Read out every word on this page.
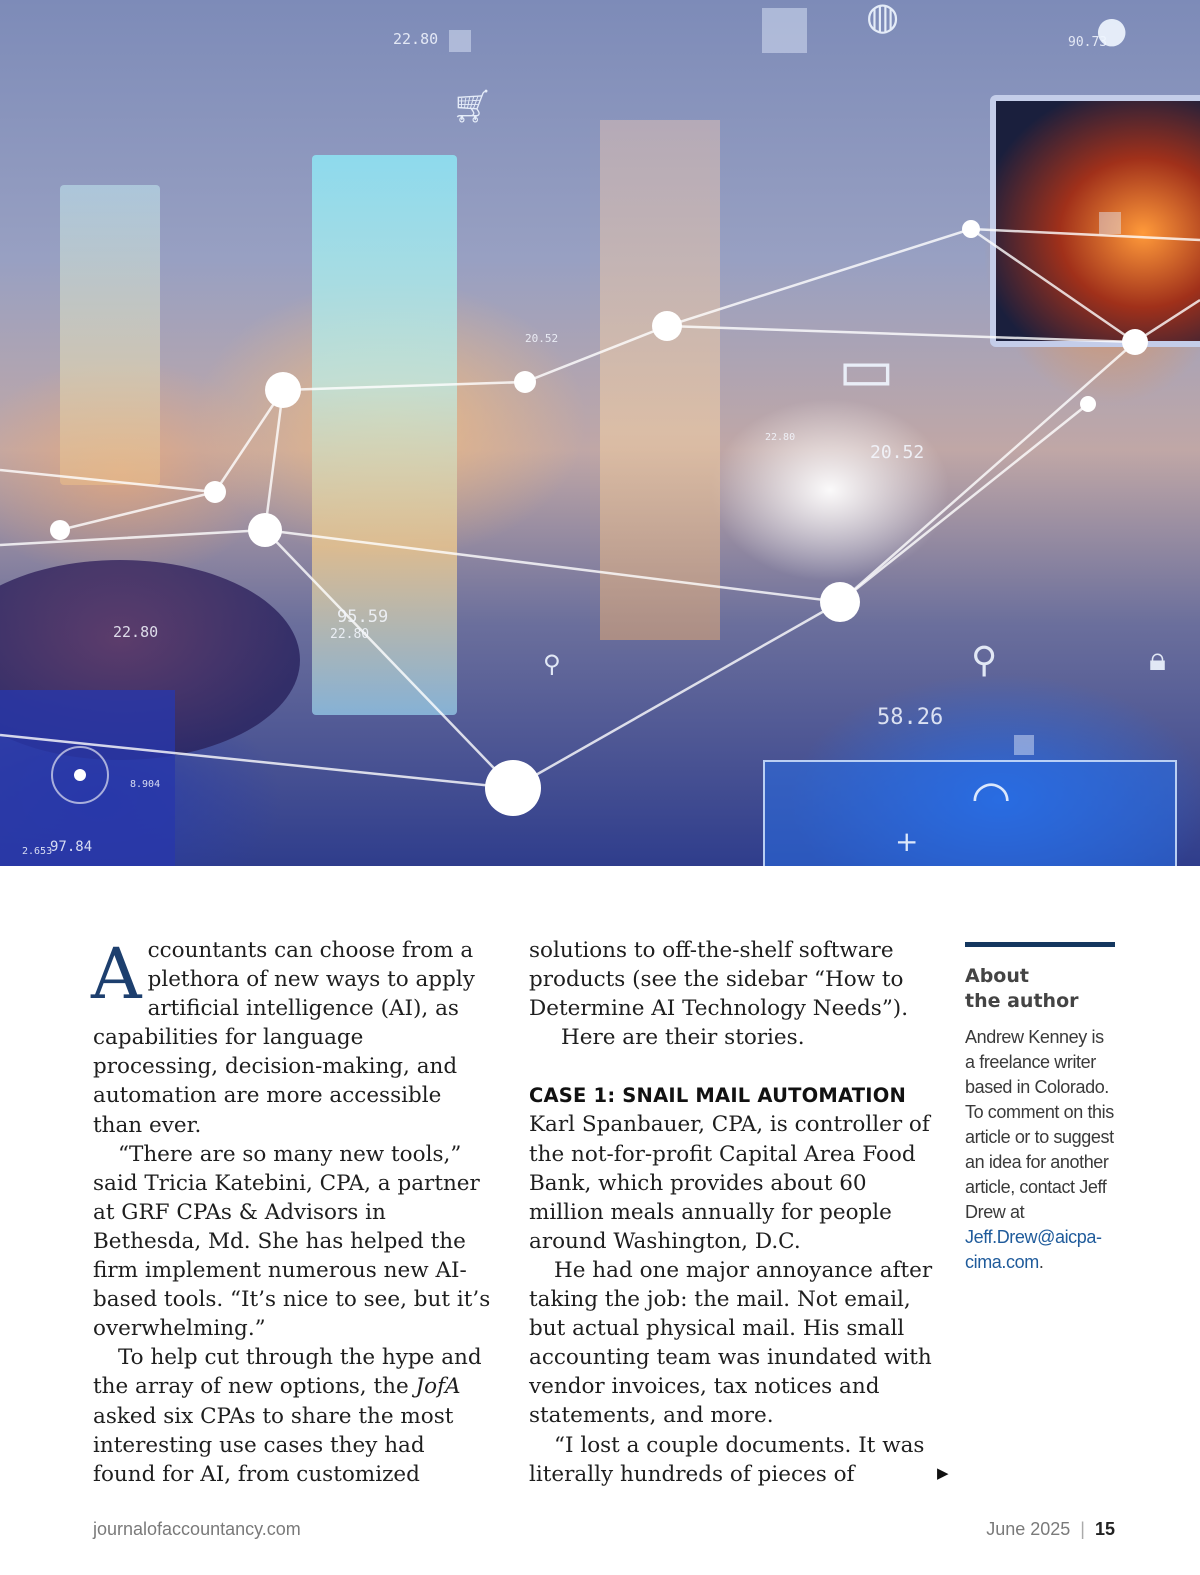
22.80	90.73
20.52
22.80
20.52
22.80
95.59
22.80
58.26
8.904
2.653
97.84
🛒︎
◍	●
▭
⚲	⚲	🔒︎
◠
+
A ccountants can choose from a plethora of new ways to apply artificial intelligence (AI), as capabilities for language processing, decision-making, and automation are more accessible than ever.

“There are so many new tools,” said Tricia Katebini, CPA, a partner at GRF CPAs & Advisors in Bethesda, Md. She has helped the firm implement numerous new AI-based tools. “It’s nice to see, but it’s overwhelming.”

To help cut through the hype and the array of new options, the JofA asked six CPAs to share the most interesting use cases they had found for AI, from customized

solutions to off-the-shelf software products (see the sidebar “How to Determine AI Technology Needs”).

Here are their stories.

CASE 1: SNAIL MAIL AUTOMATION

Karl Spanbauer, CPA, is controller of the not-for-profit Capital Area Food Bank, which provides about 60 million meals annually for people around Washington, D.C.

He had one major annoyance after taking the job: the mail. Not email, but actual physical mail. His small accounting team was inundated with vendor invoices, tax notices and statements, and more.

“I lost a couple documents. It was literally hundreds of pieces of	▶
About
the author
Andrew Kenney is a freelance writer based in Colorado. To comment on this article or to suggest an idea for another article, contact Jeff Drew at Jeff.Drew@aicpa-cima.com.
journalofaccountancy.com	June 2025 | 15
